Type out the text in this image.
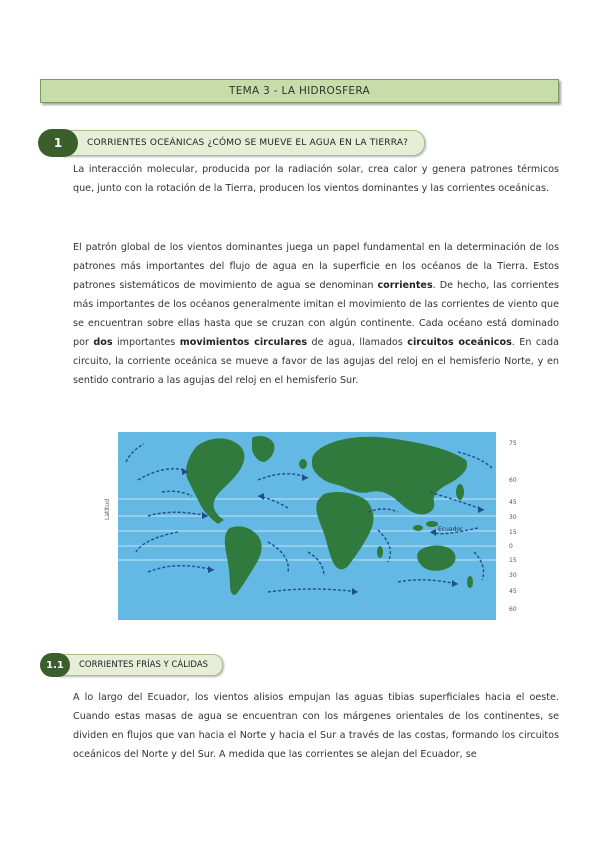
TEMA 3 - LA HIDROSFERA
1	CORRIENTES OCEÁNICAS ¿CÓMO SE MUEVE EL AGUA EN LA TIERRA?

La interacción molecular, producida por la radiación solar, crea calor y genera patrones térmicos que, junto con la rotación de la Tierra, producen los vientos dominantes y las corrientes oceánicas.

El patrón global de los vientos dominantes juega un papel fundamental en la determinación de los patrones más importantes del flujo de agua en la superficie en los océanos de la Tierra. Estos patrones sistemáticos de movimiento de agua se denominan corrientes. De hecho, las corrientes más importantes de los océanos generalmente imitan el movimiento de las corrientes de viento que se encuentran sobre ellas hasta que se cruzan con algún continente. Cada océano está dominado por dos importantes movimientos circulares de agua, llamados circuitos oceánicos. En cada circuito, la corriente oceánica se mueve a favor de las agujas del reloj en el hemisferio Norte, y en sentido contrario a las agujas del reloj en el hemisferio Sur.

Latitud
75
60
45
30
15
0
15
30
45
60
Ecuador
1.1	CORRIENTES FRÍAS Y CÁLIDAS

A lo largo del Ecuador, los vientos alisios empujan las aguas tibias superficiales hacia el oeste. Cuando estas masas de agua se encuentran con los márgenes orientales de los continentes, se dividen en flujos que van hacia el Norte y hacia el Sur a través de las costas, formando los circuitos oceánicos del Norte y del Sur. A medida que las corrientes se alejan del Ecuador, se
